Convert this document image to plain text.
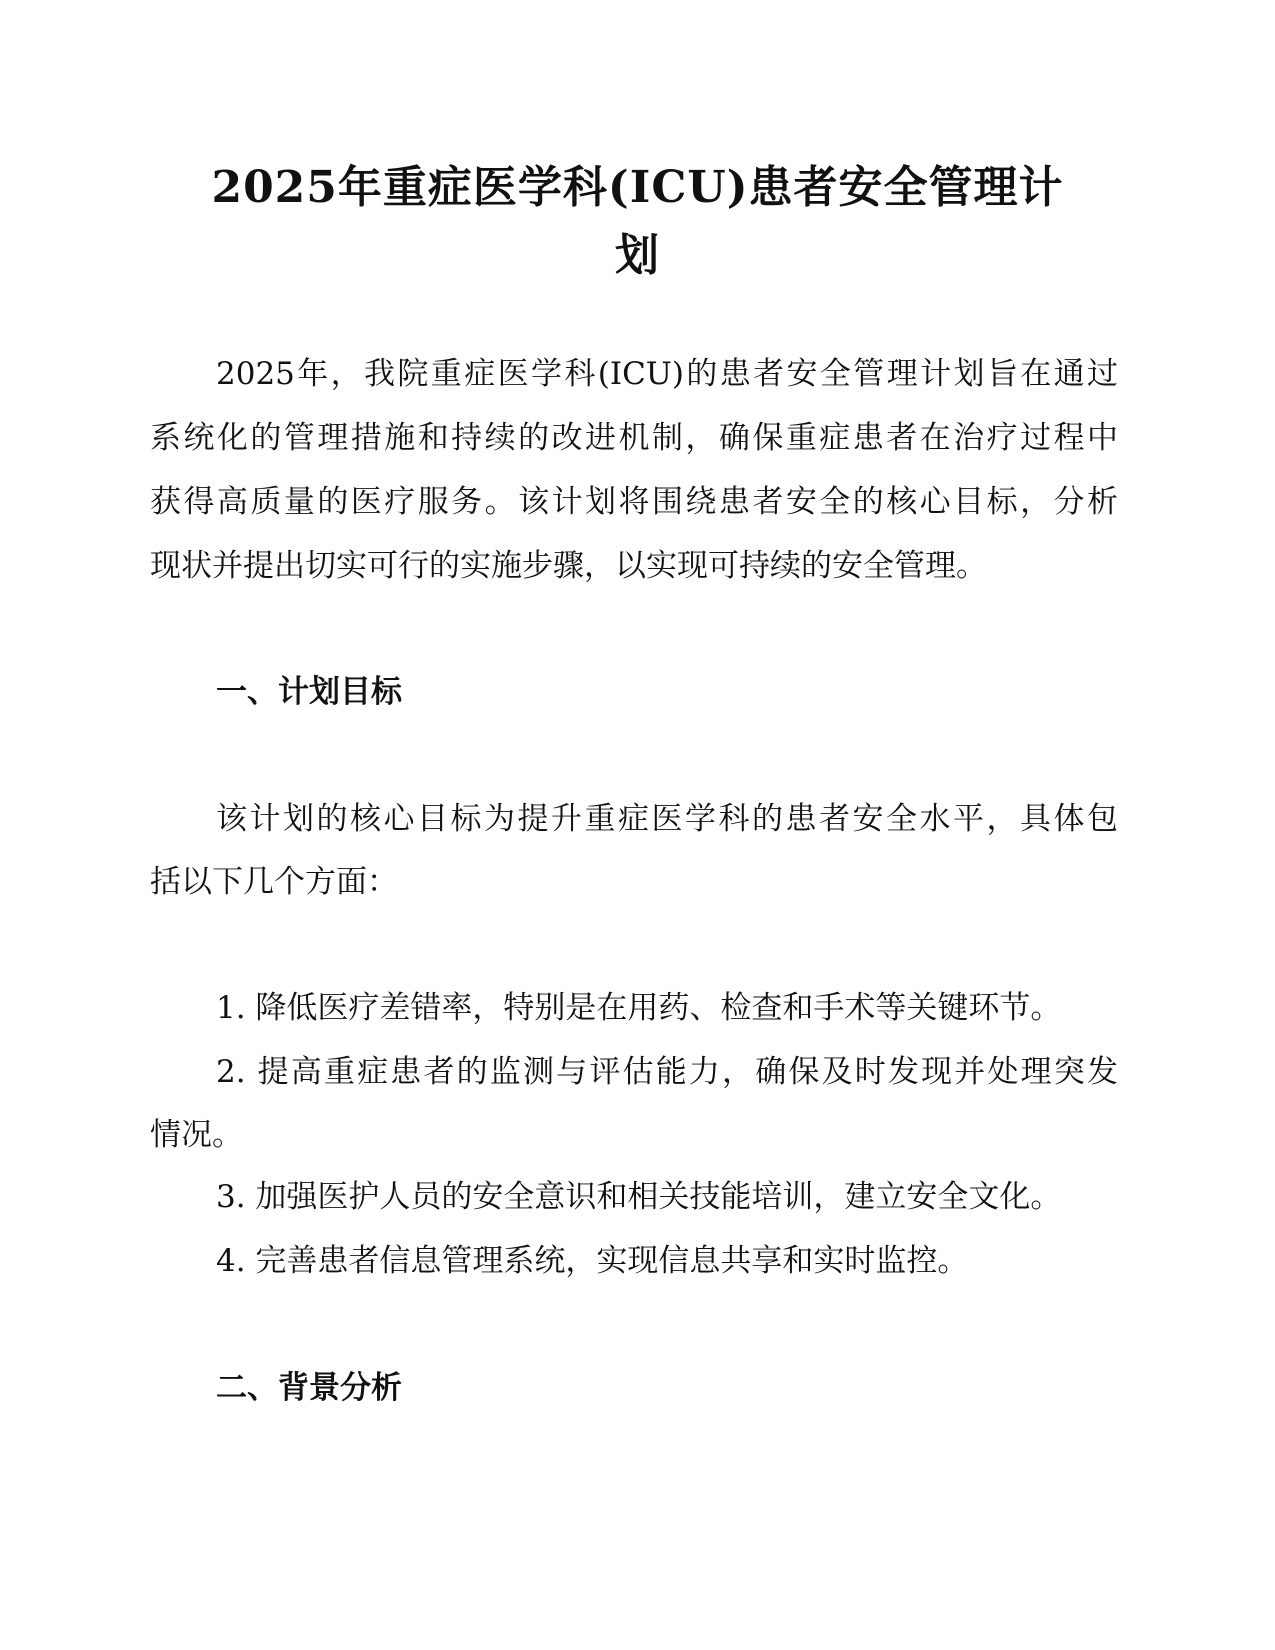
2025年重症医学科(ICU)患者安全管理计
划
2025年，我院重症医学科(ICU)的患者安全管理计划旨在通过
系统化的管理措施和持续的改进机制，确保重症患者在治疗过程中
获得高质量的医疗服务。该计划将围绕患者安全的核心目标，分析
现状并提出切实可行的实施步骤，以实现可持续的安全管理。
一、计划目标
该计划的核心目标为提升重症医学科的患者安全水平，具体包
括以下几个方面：
1. 降低医疗差错率，特别是在用药、检查和手术等关键环节。
2. 提高重症患者的监测与评估能力，确保及时发现并处理突发
情况。
3. 加强医护人员的安全意识和相关技能培训，建立安全文化。
4. 完善患者信息管理系统，实现信息共享和实时监控。
二、背景分析
